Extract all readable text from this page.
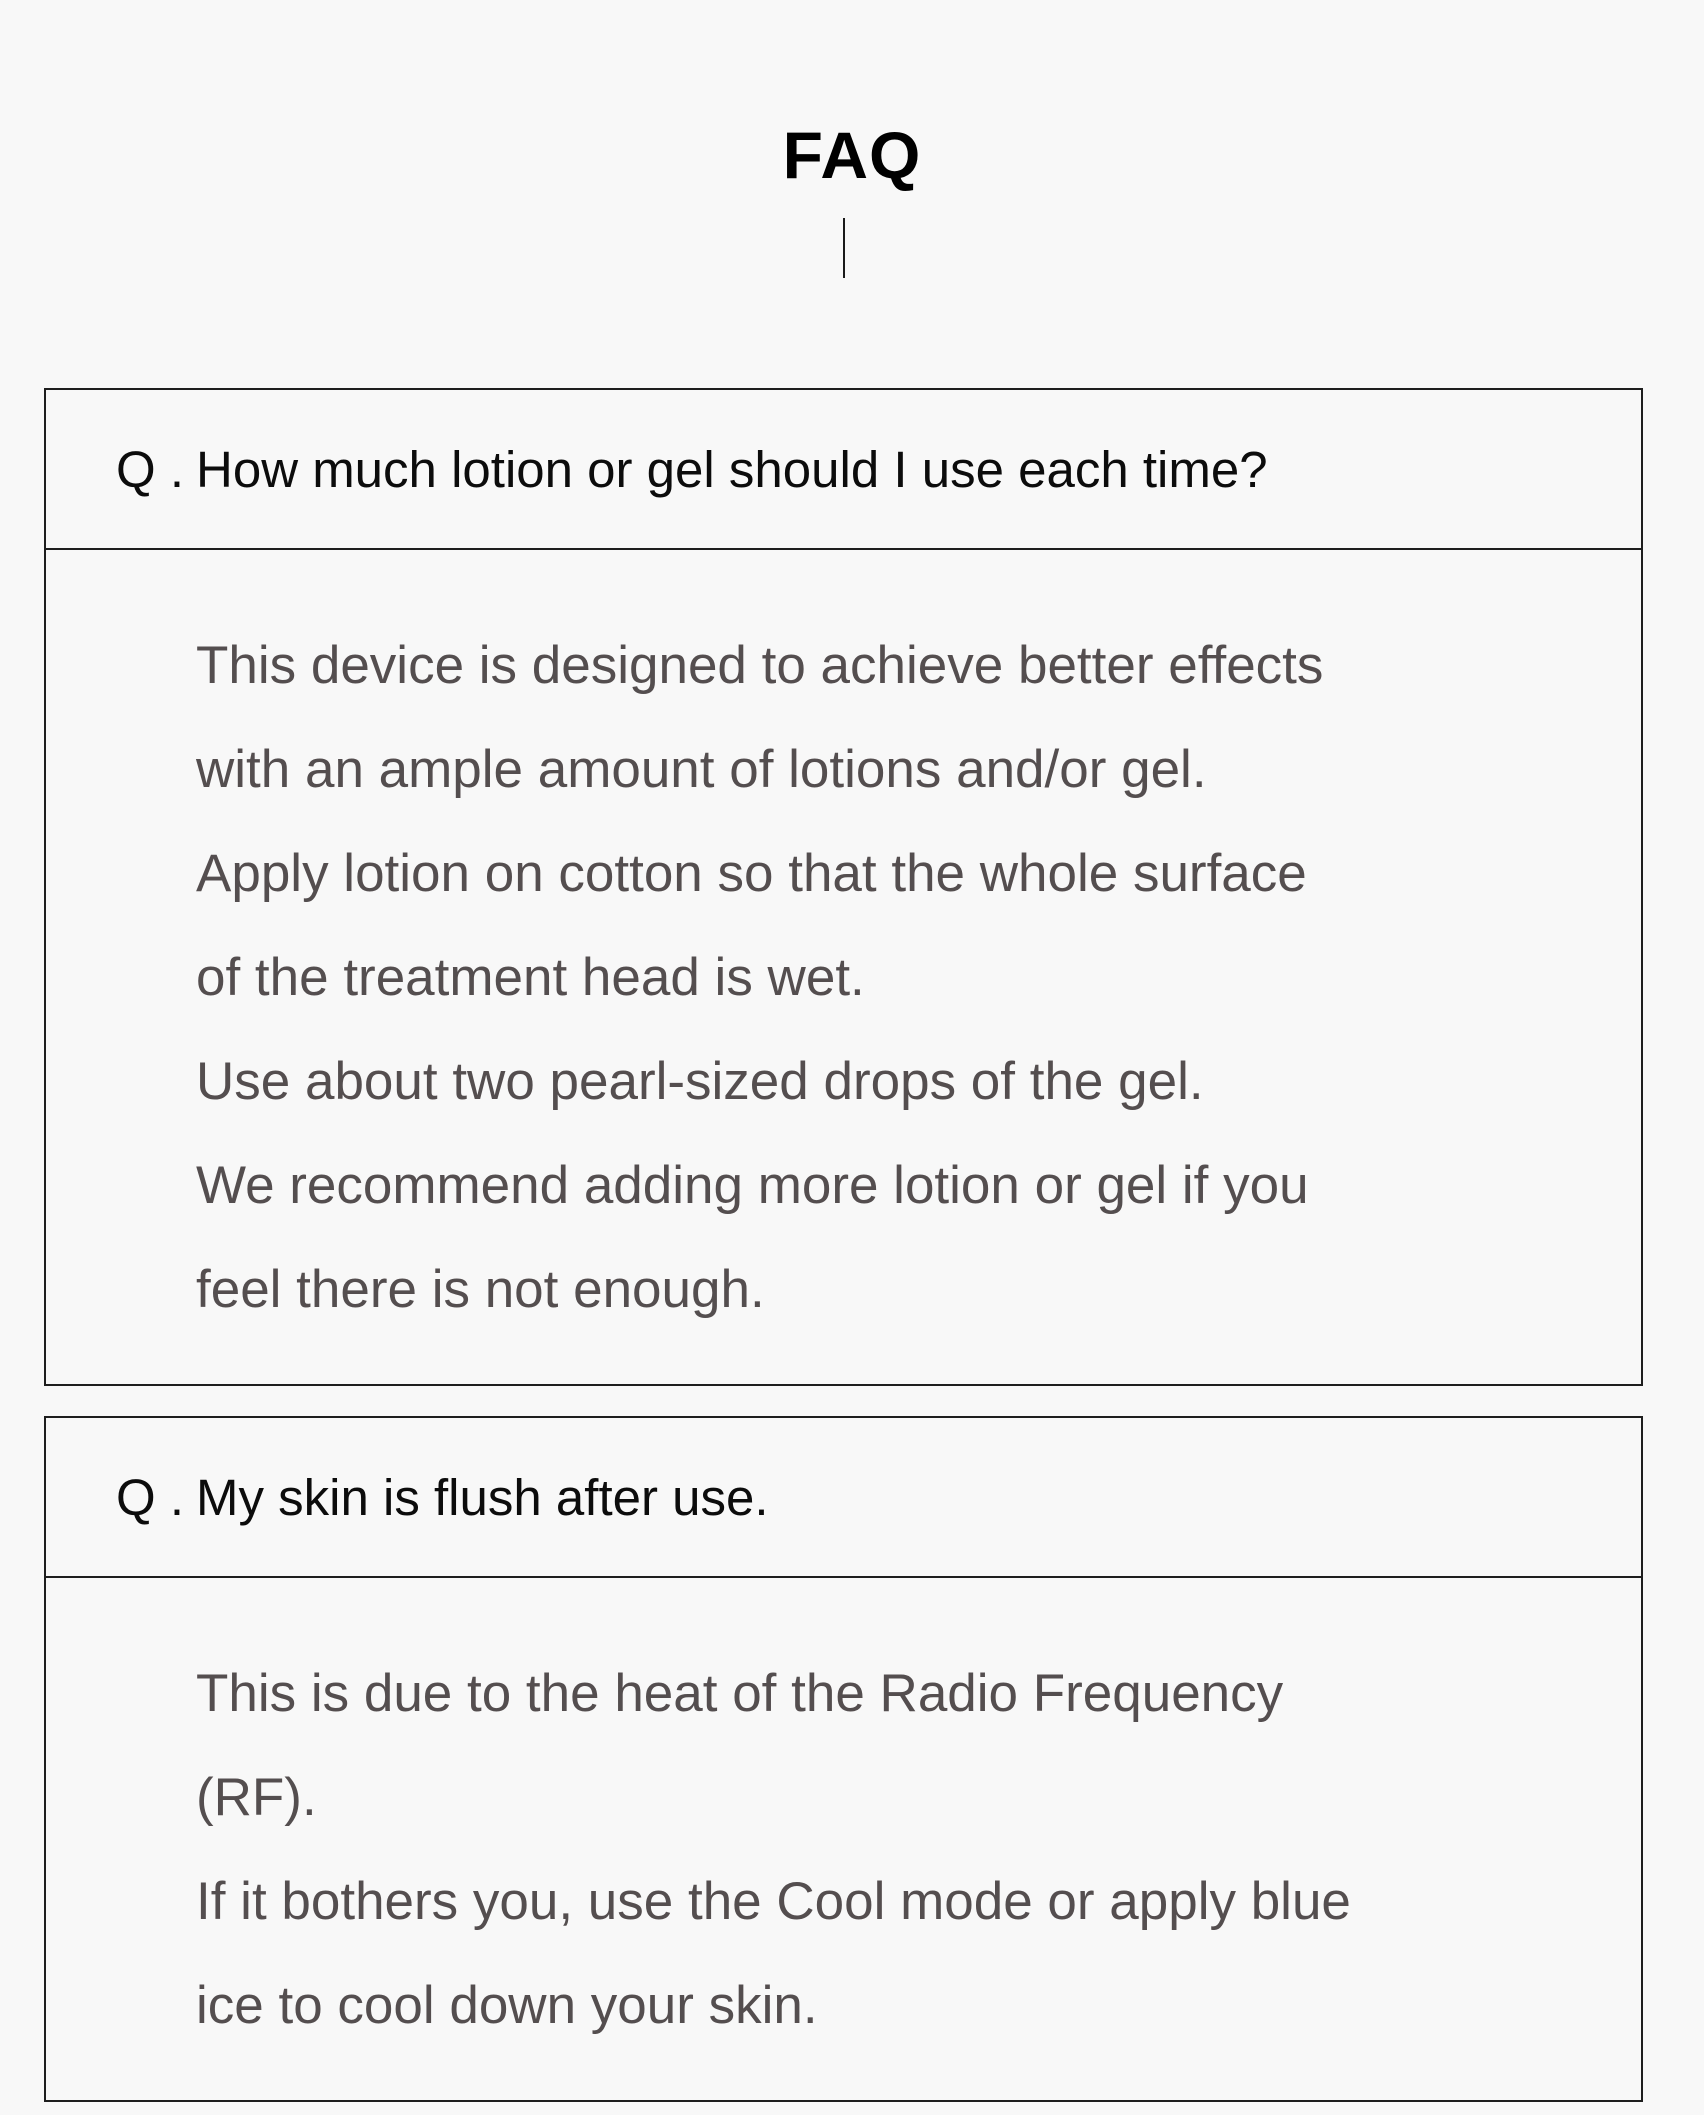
FAQ
Q . How much lotion or gel should I use each time?

This device is designed to achieve better effects

with an ample amount of lotions and/or gel.

Apply lotion on cotton so that the whole surface

of the treatment head is wet.

Use about two pearl-sized drops of the gel.

We recommend adding more lotion or gel if you

feel there is not enough.

Q . My skin is flush after use.

This is due to the heat of the Radio Frequency

(RF).

If it bothers you, use the Cool mode or apply blue

ice to cool down your skin.
